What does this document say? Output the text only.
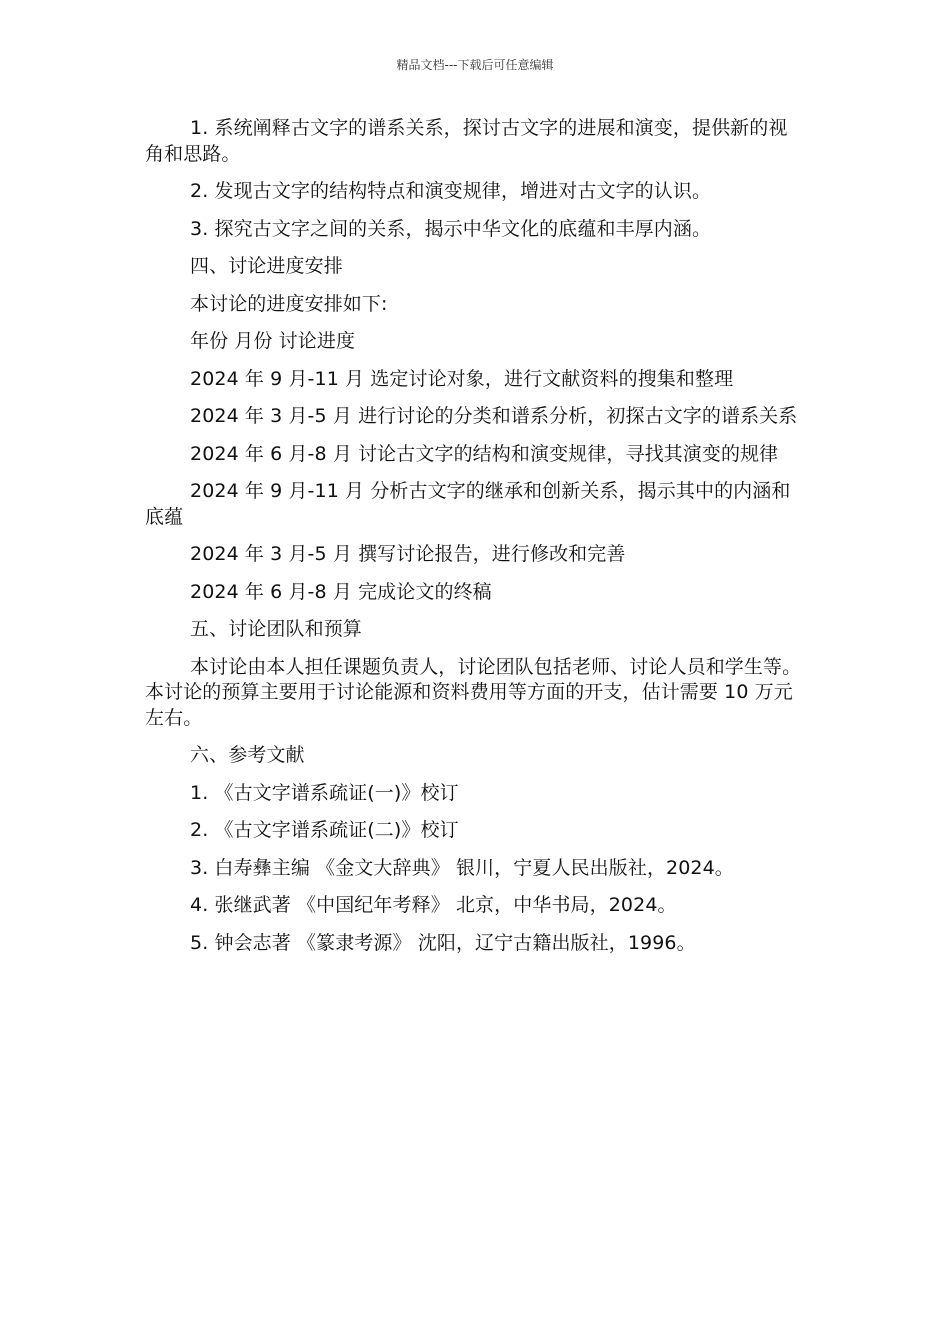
精品文档---下载后可任意编辑

1. 系统阐释古文字的谱系关系，探讨古文字的进展和演变，提供新的视角和思路。

2. 发现古文字的结构特点和演变规律，增进对古文字的认识。

3. 探究古文字之间的关系，揭示中华文化的底蕴和丰厚内涵。

四、讨论进度安排

本讨论的进度安排如下:

年份 月份 讨论进度

2024 年 9 月-11 月 选定讨论对象，进行文献资料的搜集和整理

2024 年 3 月-5 月 进行讨论的分类和谱系分析，初探古文字的谱系关系

2024 年 6 月-8 月 讨论古文字的结构和演变规律，寻找其演变的规律

2024 年 9 月-11 月 分析古文字的继承和创新关系，揭示其中的内涵和底蕴

2024 年 3 月-5 月 撰写讨论报告，进行修改和完善

2024 年 6 月-8 月 完成论文的终稿

五、讨论团队和预算

本讨论由本人担任课题负责人，讨论团队包括老师、讨论人员和学生等。本讨论的预算主要用于讨论能源和资料费用等方面的开支，估计需要 10 万元左右。

六、参考文献

1. 《古文字谱系疏证(一)》校订

2. 《古文字谱系疏证(二)》校订

3. 白寿彝主编 《金文大辞典》 银川，宁夏人民出版社，2024。

4. 张继武著 《中国纪年考释》 北京，中华书局，2024。

5. 钟会志著 《篆隶考源》 沈阳，辽宁古籍出版社，1996。
